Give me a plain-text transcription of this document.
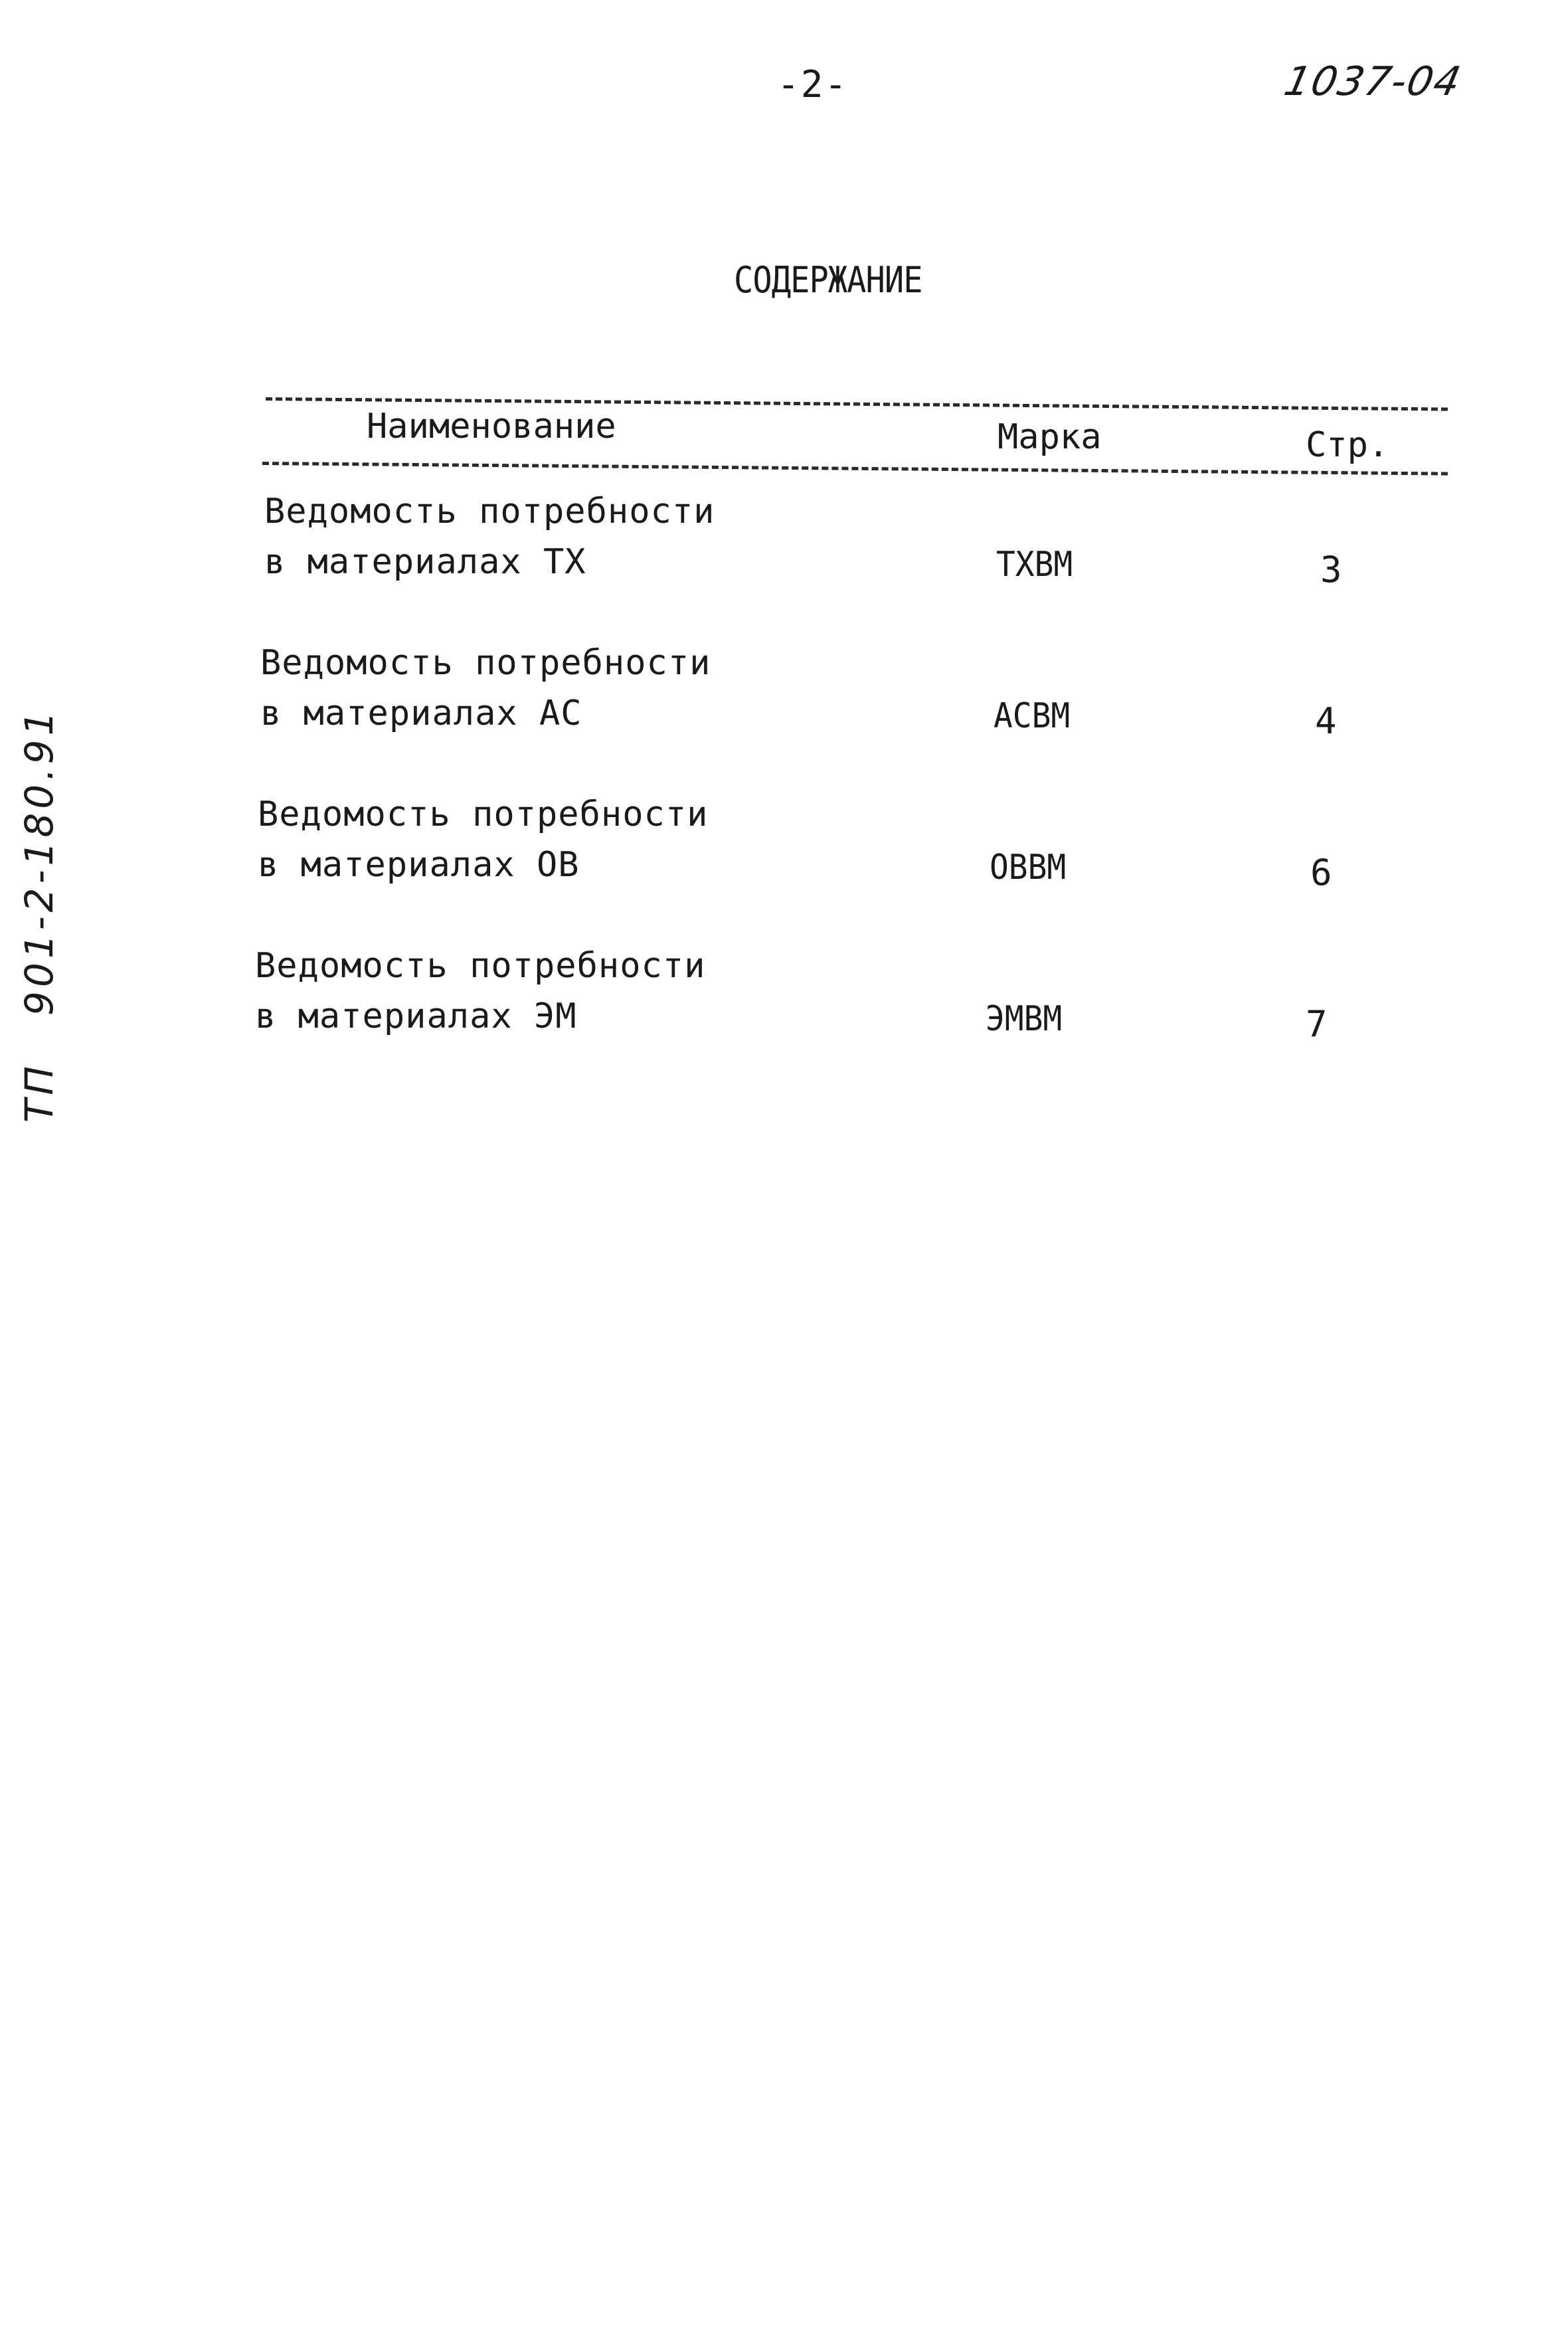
-2-	1037-04
ТП
901-2-180.91
СОДЕРЖАНИЕ
Наименование	Марка	Стр.
Ведомость потребности
в материалах ТХ	ТХВМ	3
Ведомость потребности
в материалах АС	АСВМ	4
Ведомость потребности
в материалах ОВ	ОВВМ	6
Ведомость потребности
в материалах ЭМ	ЭМВМ	7
